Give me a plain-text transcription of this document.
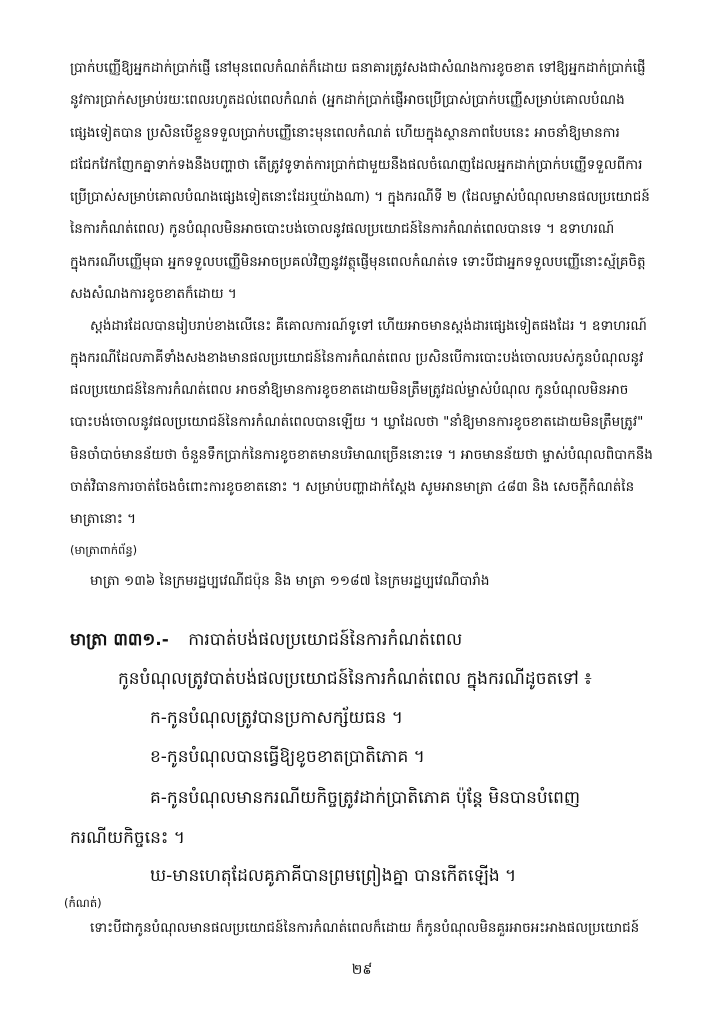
ប្រាក់បញ្ញើឱ្យអ្នកដាក់ប្រាក់ផ្ញើ នៅមុនពេលកំណត់ក៏ដោយ ធនាគារត្រូវសងជាសំណងការខូចខាត ទៅឱ្យអ្នកដាក់ប្រាក់ផ្ញើ
នូវការប្រាក់សម្រាប់រយៈពេលរហូតដល់ពេលកំណត់ (អ្នកដាក់ប្រាក់ផ្ញើអាចប្រើប្រាស់ប្រាក់បញ្ញើសម្រាប់គោលបំណង
ផ្សេងទៀតបាន ប្រសិនបើខ្លួនទទួលប្រាក់បញ្ញើនោះមុនពេលកំណត់ ហើយក្នុងស្ថានភាពបែបនេះ អាចនាំឱ្យមានការ
ជជែកវែកញែកគ្នាទាក់ទងនឹងបញ្ហាថា តើត្រូវទូទាត់ការប្រាក់ជាមួយនឹងផលចំណេញដែលអ្នកដាក់ប្រាក់បញ្ញើទទួលពីការ
ប្រើប្រាស់សម្រាប់គោលបំណងផ្សេងទៀតនោះដែរឬយ៉ាងណា) ។ ក្នុងករណីទី ២ (ដែលម្ចាស់បំណុលមានផលប្រយោជន៍
នៃការកំណត់ពេល) កូនបំណុលមិនអាចបោះបង់ចោលនូវផលប្រយោជន៍នៃការកំណត់ពេលបានទេ ។ ឧទាហរណ៍
ក្នុងករណីបញ្ញើមុធា អ្នកទទួលបញ្ញើមិនអាចប្រគល់វិញនូវវត្ថុផ្ញើមុនពេលកំណត់ទេ ទោះបីជាអ្នកទទួលបញ្ញើនោះស្ម័គ្រចិត្ត
សងសំណងការខូចខាតក៏ដោយ ។
ស្តង់ដារដែលបានរៀបរាប់ខាងលើនេះ គឺគោលការណ៍ទូទៅ ហើយអាចមានស្តង់ដារផ្សេងទៀតផងដែរ ។ ឧទាហរណ៍
ក្នុងករណីដែលភាគីទាំងសងខាងមានផលប្រយោជន៍នៃការកំណត់ពេល ប្រសិនបើការបោះបង់ចោលរបស់កូនបំណុលនូវ
ផលប្រយោជន៍នៃការកំណត់ពេល អាចនាំឱ្យមានការខូចខាតដោយមិនត្រឹមត្រូវដល់ម្ចាស់បំណុល កូនបំណុលមិនអាច
បោះបង់ចោលនូវផលប្រយោជន៍នៃការកំណត់ពេលបានឡើយ ។ ឃ្លាដែលថា "នាំឱ្យមានការខូចខាតដោយមិនត្រឹមត្រូវ"
មិនចាំបាច់មានន័យថា ចំនួនទឹកប្រាក់នៃការខូចខាតមានបរិមាណច្រើននោះទេ ។ អាចមានន័យថា ម្ចាស់បំណុលពិបាកនឹង
ចាត់វិធានការចាត់ចែងចំពោះការខូចខាតនោះ ។ សម្រាប់បញ្ហាដាក់ស្តែង សូមអានមាត្រា ៤៨៣ និង សេចក្តីកំណត់នៃ
មាត្រានោះ ។
(មាត្រាពាក់ព័ន្ធ)
មាត្រា ១៣៦ នៃក្រមរដ្ឋប្បវេណីជប៉ុន និង មាត្រា ១១៨៧ នៃក្រមរដ្ឋប្បវេណីបារាំង
មាត្រា ៣៣១.- ការបាត់បង់ផលប្រយោជន៍នៃការកំណត់ពេល
កូនបំណុលត្រូវបាត់បង់ផលប្រយោជន៍នៃការកំណត់ពេល ក្នុងករណីដូចតទៅ ៖
ក-កូនបំណុលត្រូវបានប្រកាសក្ស័យធន ។
ខ-កូនបំណុលបានធ្វើឱ្យខូចខាតប្រាតិភោគ ។
គ-កូនបំណុលមានករណីយកិច្ចត្រូវដាក់ប្រាតិភោគ ប៉ុន្តែ មិនបានបំពេញ
ករណីយកិច្ចនេះ ។
ឃ-មានហេតុដែលគូភាគីបានព្រមព្រៀងគ្នា បានកើតឡើង ។
(កំណត់)
ទោះបីជាកូនបំណុលមានផលប្រយោជន៍នៃការកំណត់ពេលក៏ដោយ ក៏កូនបំណុលមិនគួរអាចអះអាងផលប្រយោជន៍
២៩
